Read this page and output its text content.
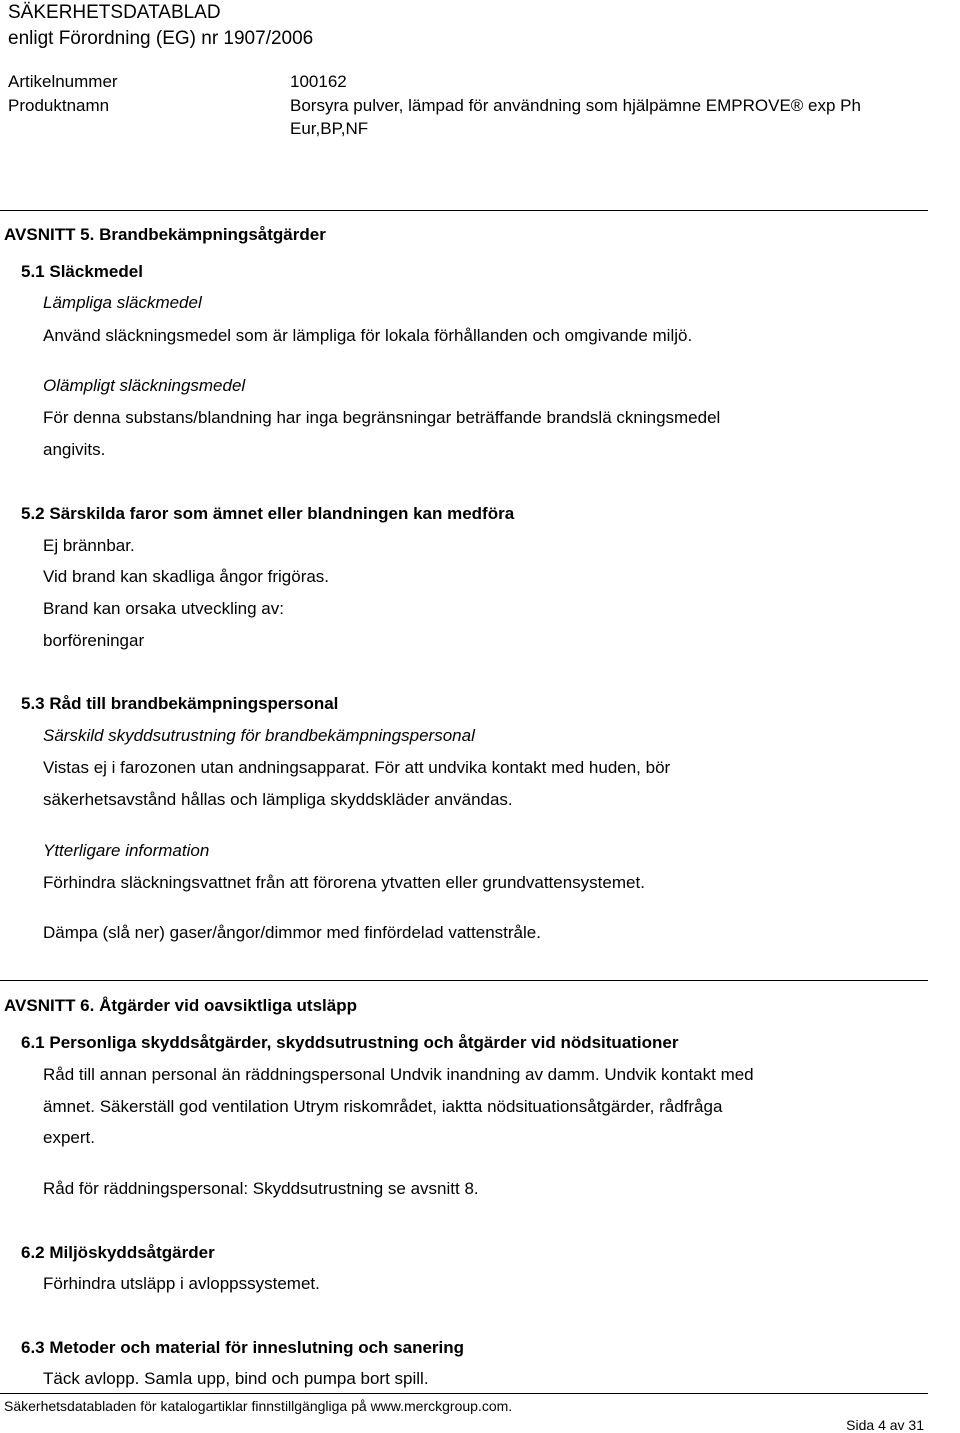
SÄKERHETSDATABLAD
enligt Förordning (EG) nr 1907/2006
Artikelnummer	100162
Produktnamn	Borsyra pulver, lämpad för användning som hjälpämne EMPROVE® exp Ph
Eur,BP,NF
AVSNITT 5. Brandbekämpningsåtgärder
5.1 Släckmedel
Lämpliga släckmedel
Använd släckningsmedel som är lämpliga för lokala förhållanden och omgivande miljö.
Olämpligt släckningsmedel
För denna substans/blandning har inga begränsningar beträffande brandslä ckningsmedel
angivits.
5.2 Särskilda faror som ämnet eller blandningen kan medföra
Ej brännbar.
Vid brand kan skadliga ångor frigöras.
Brand kan orsaka utveckling av:
borföreningar
5.3 Råd till brandbekämpningspersonal
Särskild skyddsutrustning för brandbekämpningspersonal
Vistas ej i farozonen utan andningsapparat. För att undvika kontakt med huden, bör
säkerhetsavstånd hållas och lämpliga skyddskläder användas.
Ytterligare information
Förhindra släckningsvattnet från att förorena ytvatten eller grundvattensystemet.
Dämpa (slå ner) gaser/ångor/dimmor med finfördelad vattenstråle.
AVSNITT 6. Åtgärder vid oavsiktliga utsläpp
6.1 Personliga skyddsåtgärder, skyddsutrustning och åtgärder vid nödsituationer
Råd till annan personal än räddningspersonal Undvik inandning av damm. Undvik kontakt med
ämnet. Säkerställ god ventilation Utrym riskområdet, iaktta nödsituationsåtgärder, rådfråga
expert.
Råd för räddningspersonal: Skyddsutrustning se avsnitt 8.
6.2 Miljöskyddsåtgärder
Förhindra utsläpp i avloppssystemet.
6.3 Metoder och material för inneslutning och sanering
Täck avlopp. Samla upp, bind och pumpa bort spill.
Säkerhetsdatabladen för katalogartiklar finnstillgängliga på www.merckgroup.com.
Sida 4 av 31
